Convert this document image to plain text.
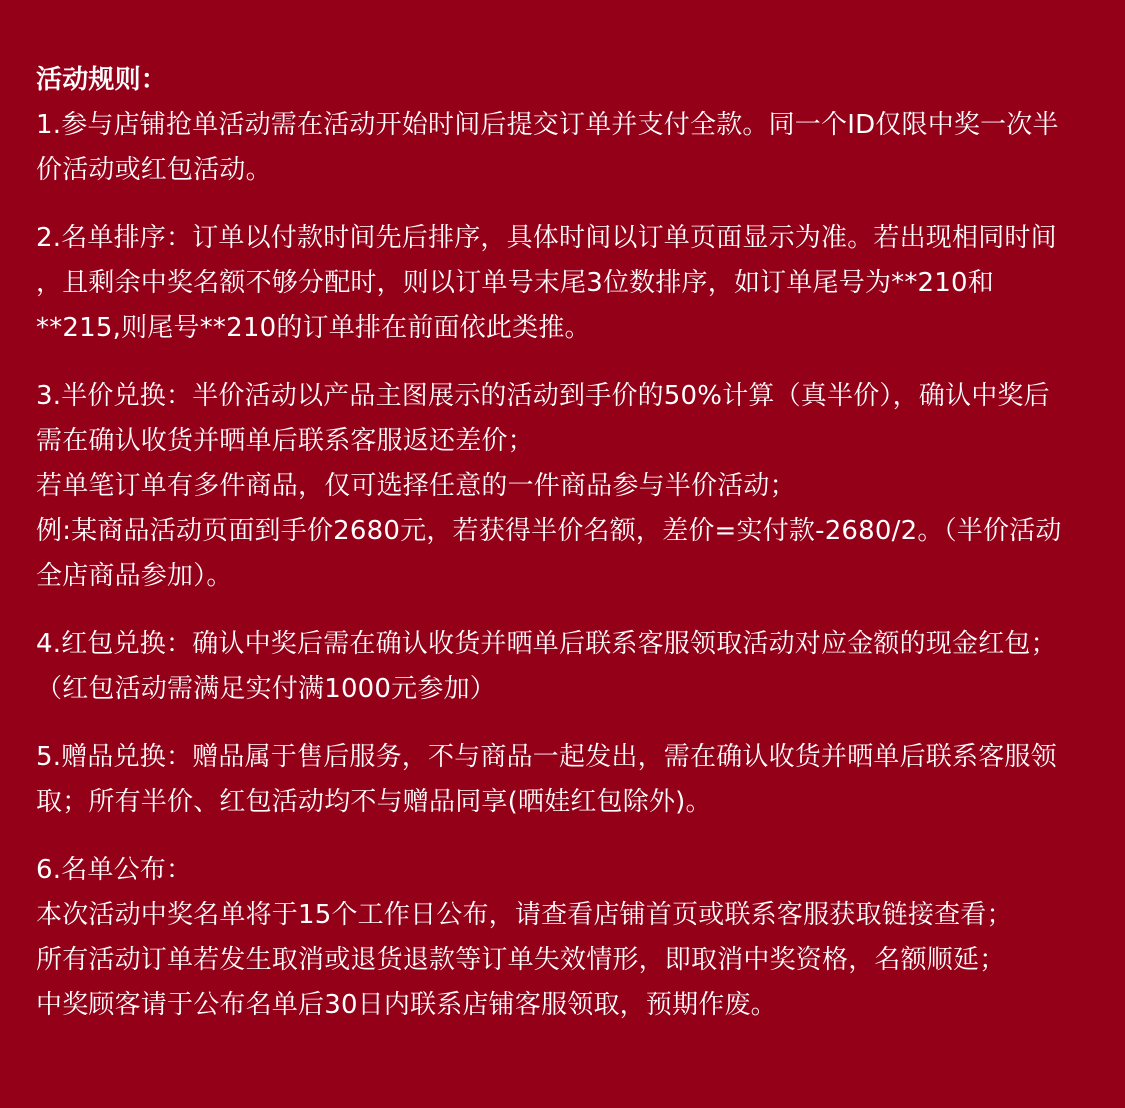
活动规则：

1.参与店铺抢单活动需在活动开始时间后提交订单并支付全款。同一个ID仅限中奖一次半

价活动或红包活动。

2.名单排序：订单以付款时间先后排序，具体时间以订单页面显示为准。若出现相同时间

，且剩余中奖名额不够分配时，则以订单号末尾3位数排序，如订单尾号为**210和

**215,则尾号**210的订单排在前面依此类推。

3.半价兑换：半价活动以产品主图展示的活动到手价的50%计算（真半价），确认中奖后

需在确认收货并晒单后联系客服返还差价；

若单笔订单有多件商品，仅可选择任意的一件商品参与半价活动；

例:某商品活动页面到手价2680元，若获得半价名额，差价=实付款-2680/2。（半价活动

全店商品参加）。

4.红包兑换：确认中奖后需在确认收货并晒单后联系客服领取活动对应金额的现金红包；

（红包活动需满足实付满1000元参加）

5.赠品兑换：赠品属于售后服务，不与商品一起发出，需在确认收货并晒单后联系客服领

取；所有半价、红包活动均不与赠品同享(晒娃红包除外)。

6.名单公布：

本次活动中奖名单将于15个工作日公布，请查看店铺首页或联系客服获取链接查看；

所有活动订单若发生取消或退货退款等订单失效情形，即取消中奖资格，名额顺延；

中奖顾客请于公布名单后30日内联系店铺客服领取，预期作废。
